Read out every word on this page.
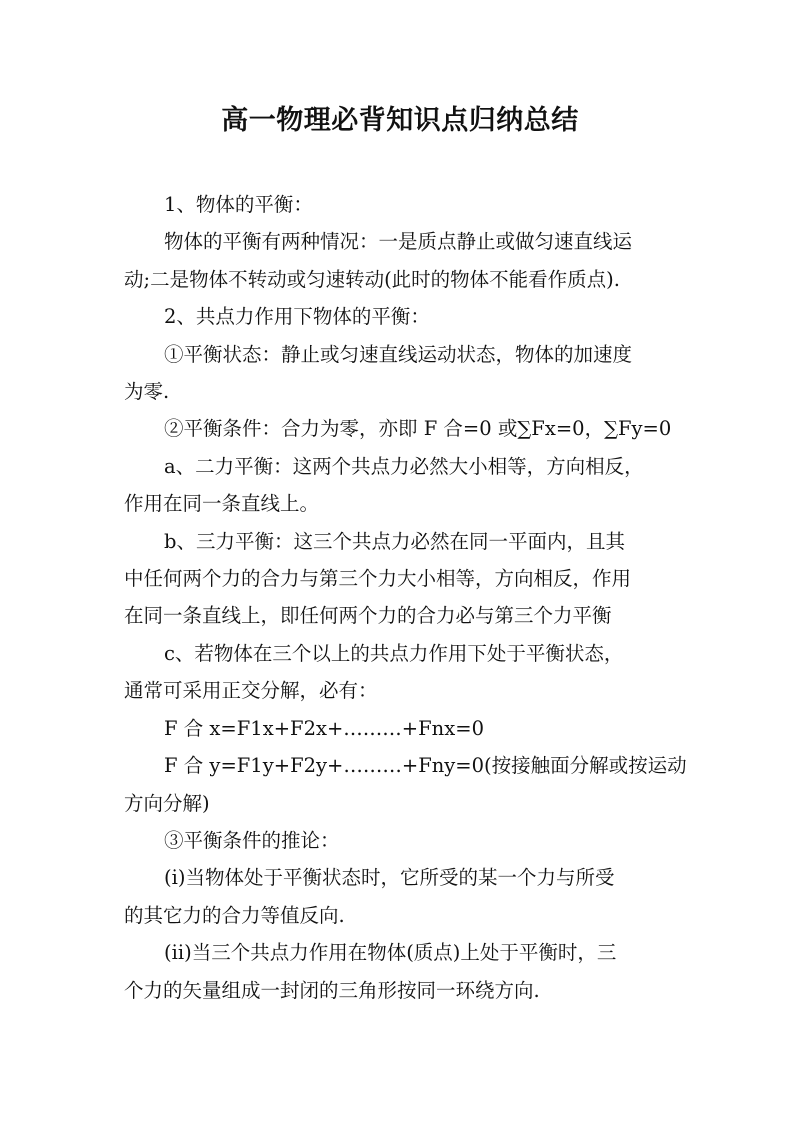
高一物理必背知识点归纳总结

1、物体的平衡：

物体的平衡有两种情况：一是质点静止或做匀速直线运

动;二是物体不转动或匀速转动(此时的物体不能看作质点).

2、共点力作用下物体的平衡：

①平衡状态：静止或匀速直线运动状态，物体的加速度

为零.

②平衡条件：合力为零，亦即 F 合=0 或∑Fx=0，∑Fy=0

a、二力平衡：这两个共点力必然大小相等，方向相反，

作用在同一条直线上。

b、三力平衡：这三个共点力必然在同一平面内，且其

中任何两个力的合力与第三个力大小相等，方向相反，作用

在同一条直线上，即任何两个力的合力必与第三个力平衡

c、若物体在三个以上的共点力作用下处于平衡状态，

通常可采用正交分解，必有：

F 合 x=F1x+F2x+………+Fnx=0

F 合 y=F1y+F2y+………+Fny=0(按接触面分解或按运动

方向分解)

③平衡条件的推论：

(ⅰ)当物体处于平衡状态时，它所受的某一个力与所受

的其它力的合力等值反向.

(ⅱ)当三个共点力作用在物体(质点)上处于平衡时，三

个力的矢量组成一封闭的三角形按同一环绕方向.
